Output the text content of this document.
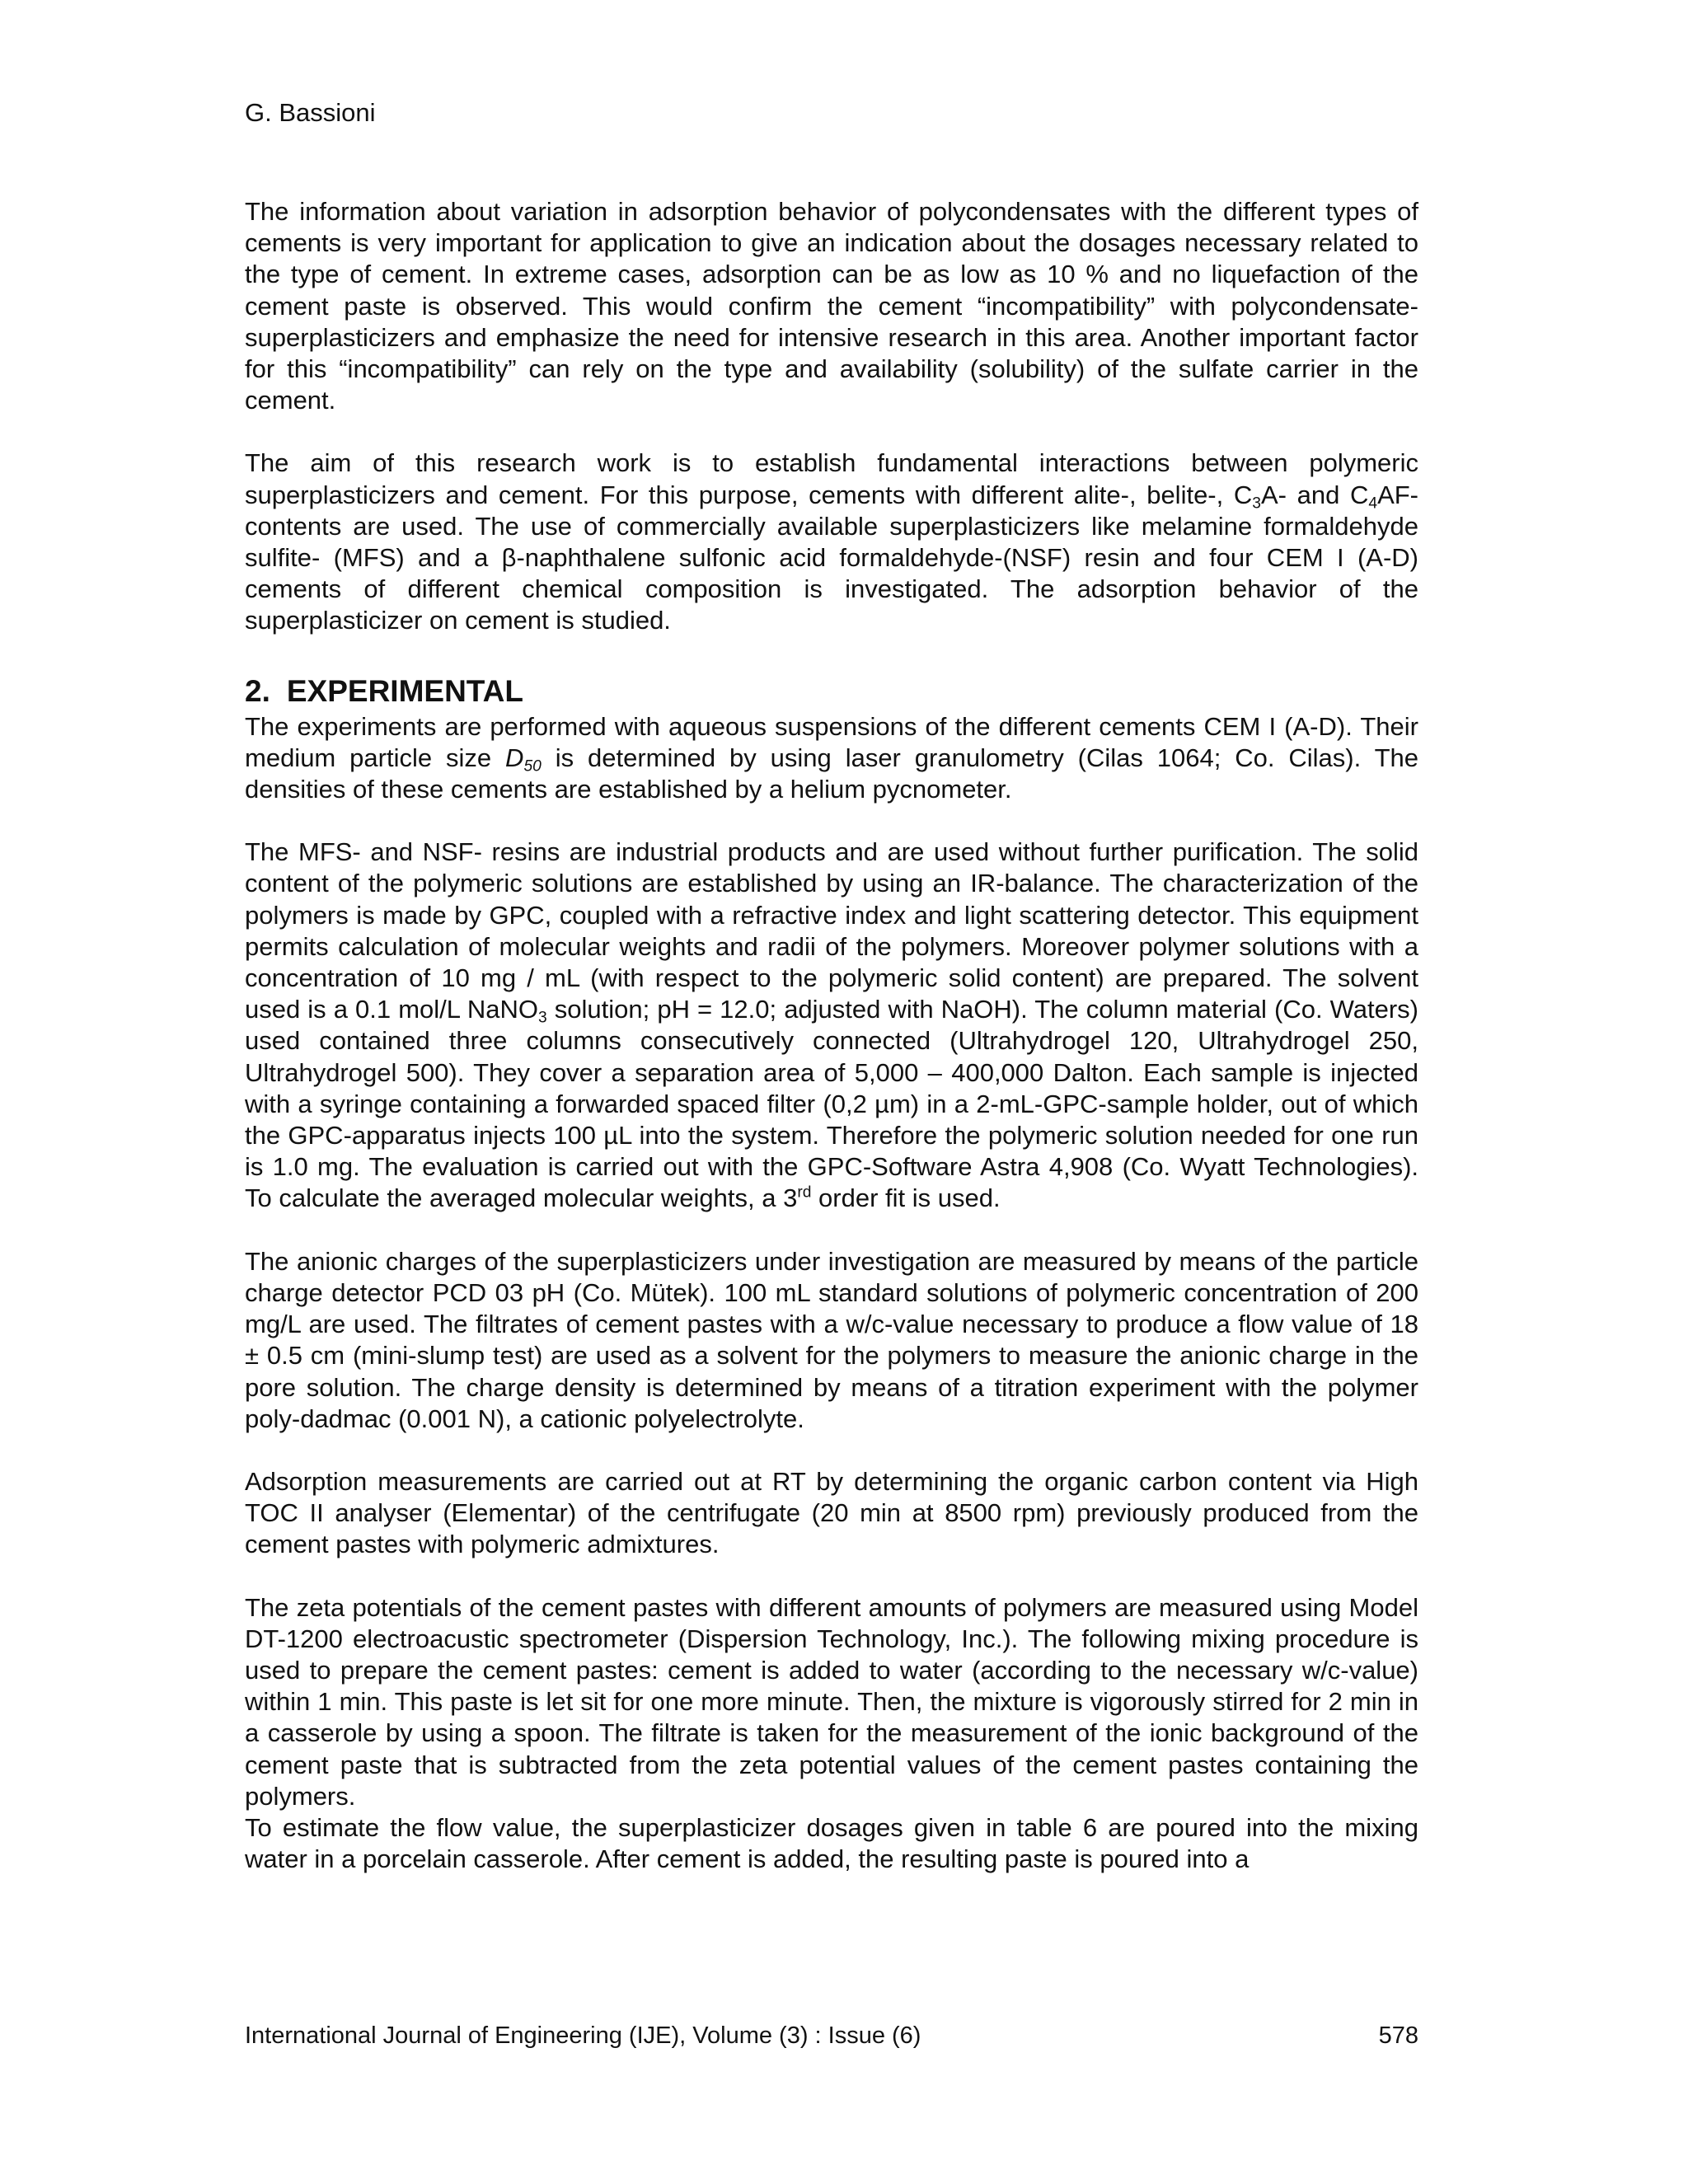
G. Bassioni

The information about variation in adsorption behavior of polycondensates with the different types of cements is very important for application to give an indication about the dosages necessary related to the type of cement. In extreme cases, adsorption can be as low as 10 % and no liquefaction of the cement paste is observed. This would confirm the cement “incompatibility” with polycondensate-superplasticizers and emphasize the need for intensive research in this area. Another important factor for this “incompatibility” can rely on the type and availability (solubility) of the sulfate carrier in the cement.

The aim of this research work is to establish fundamental interactions between polymeric superplasticizers and cement. For this purpose, cements with different alite-, belite-, $C_3A-$ and $C_4AF$-contents are used. The use of commercially available superplasticizers like melamine formaldehyde sulfite- (MFS) and a β-naphthalene sulfonic acid formaldehyde-(NSF) resin and four CEM I (A-D) cements of different chemical composition is investigated. The adsorption behavior of the superplasticizer on cement is studied.

2. EXPERIMENTAL

The experiments are performed with aqueous suspensions of the different cements CEM I (A-D). Their medium particle size $D_{50}$ is determined by using laser granulometry (Cilas 1064; Co. Cilas). The densities of these cements are established by a helium pycnometer.

The MFS- and NSF- resins are industrial products and are used without further purification. The solid content of the polymeric solutions are established by using an IR-balance. The characterization of the polymers is made by GPC, coupled with a refractive index and light scattering detector. This equipment permits calculation of molecular weights and radii of the polymers. Moreover polymer solutions with a concentration of 10 mg / mL (with respect to the polymeric solid content) are prepared. The solvent used is a 0.1 mol/L NaNO$_3$ solution; pH = 12.0; adjusted with NaOH). The column material (Co. Waters) used contained three columns consecutively connected (Ultrahydrogel 120, Ultrahydrogel 250, Ultrahydrogel 500). They cover a separation area of 5,000 – 400,000 Dalton. Each sample is injected with a syringe containing a forwarded spaced filter (0,2 µm) in a 2-mL-GPC-sample holder, out of which the GPC-apparatus injects 100 µL into the system. Therefore the polymeric solution needed for one run is 1.0 mg. The evaluation is carried out with the GPC-Software Astra 4,908 (Co. Wyatt Technologies). To calculate the averaged molecular weights, a 3rd order fit is used.

The anionic charges of the superplasticizers under investigation are measured by means of the particle charge detector PCD 03 pH (Co. Mütek). 100 mL standard solutions of polymeric concentration of 200 mg/L are used. The filtrates of cement pastes with a w/c-value necessary to produce a flow value of 18 ± 0.5 cm (mini-slump test) are used as a solvent for the polymers to measure the anionic charge in the pore solution. The charge density is determined by means of a titration experiment with the polymer poly-dadmac (0.001 N), a cationic polyelectrolyte.

Adsorption measurements are carried out at RT by determining the organic carbon content via High TOC II analyser (Elementar) of the centrifugate (20 min at 8500 rpm) previously produced from the cement pastes with polymeric admixtures.

The zeta potentials of the cement pastes with different amounts of polymers are measured using Model DT-1200 electroacustic spectrometer (Dispersion Technology, Inc.). The following mixing procedure is used to prepare the cement pastes: cement is added to water (according to the necessary w/c-value) within 1 min. This paste is let sit for one more minute. Then, the mixture is vigorously stirred for 2 min in a casserole by using a spoon. The filtrate is taken for the measurement of the ionic background of the cement paste that is subtracted from the zeta potential values of the cement pastes containing the polymers.

To estimate the flow value, the superplasticizer dosages given in table 6 are poured into the mixing water in a porcelain casserole. After cement is added, the resulting paste is poured into a

International Journal of Engineering (IJE), Volume (3) : Issue (6)	578
